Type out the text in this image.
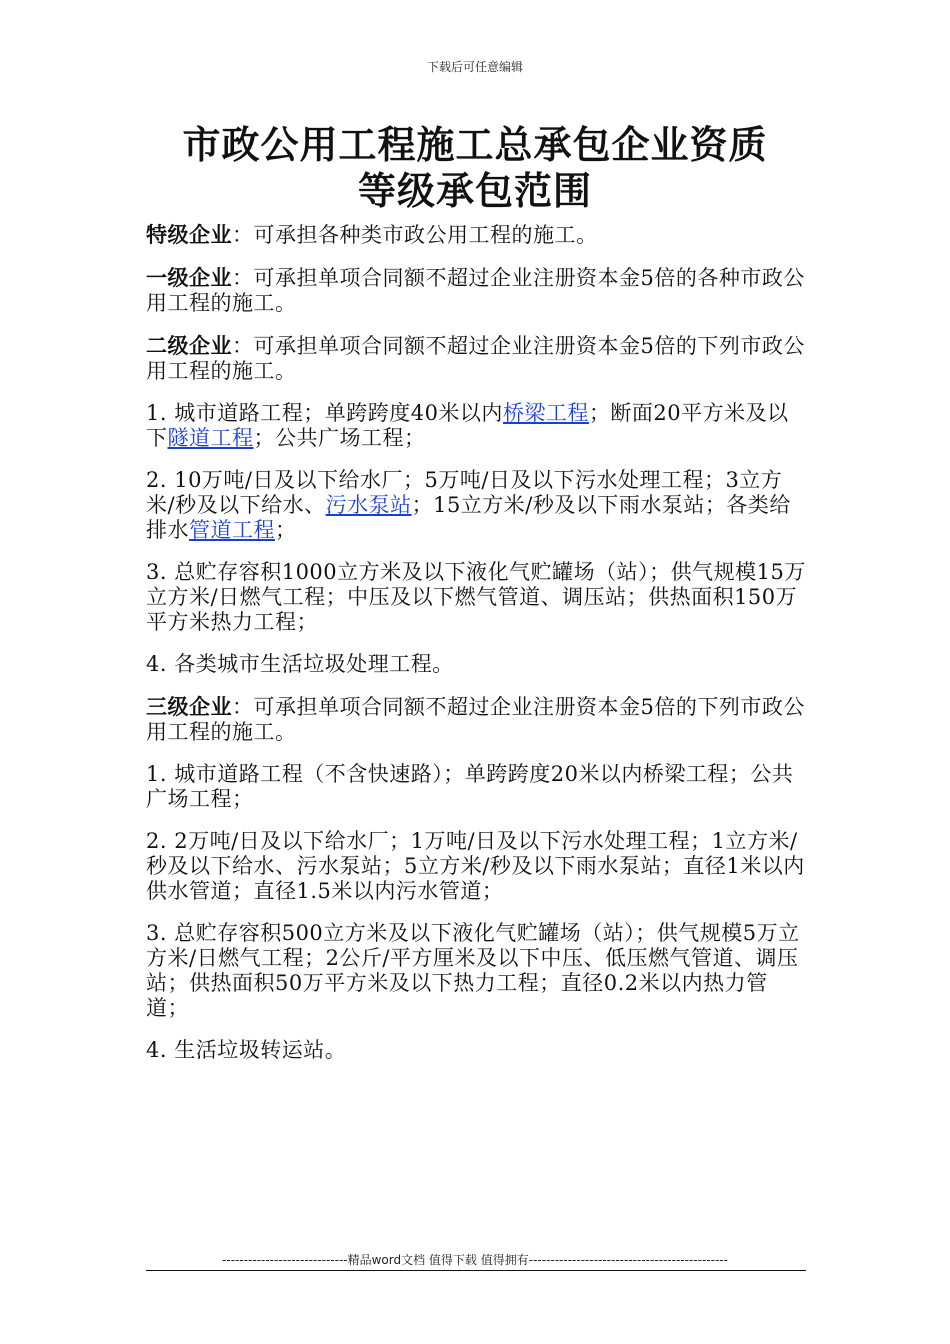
下载后可任意编辑
市政公用工程施工总承包企业资质
等级承包范围

特级企业：可承担各种类市政公用工程的施工。

一级企业：可承担单项合同额不超过企业注册资本金5倍的各种市政公用工程的施工。

二级企业：可承担单项合同额不超过企业注册资本金5倍的下列市政公用工程的施工。

1. 城市道路工程；单跨跨度40米以内桥梁工程；断面20平方米及以下隧道工程；公共广场工程；

2. 10万吨/日及以下给水厂；5万吨/日及以下污水处理工程；3立方米/秒及以下给水、污水泵站；15立方米/秒及以下雨水泵站；各类给排水管道工程；

3. 总贮存容积1000立方米及以下液化气贮罐场（站）；供气规模15万立方米/日燃气工程；中压及以下燃气管道、调压站；供热面积150万平方米热力工程；

4. 各类城市生活垃圾处理工程。

三级企业：可承担单项合同额不超过企业注册资本金5倍的下列市政公用工程的施工。

1. 城市道路工程（不含快速路）；单跨跨度20米以内桥梁工程；公共广场工程；

2. 2万吨/日及以下给水厂；1万吨/日及以下污水处理工程；1立方米/秒及以下给水、污水泵站；5立方米/秒及以下雨水泵站；直径1米以内供水管道；直径1.5米以内污水管道；

3. 总贮存容积500立方米及以下液化气贮罐场（站）；供气规模5万立方米/日燃气工程；2公斤/平方厘米及以下中压、低压燃气管道、调压站；供热面积50万平方米及以下热力工程；直径0.2米以内热力管道；

4. 生活垃圾转运站。

-----------------------------精品word文档 值得下载 值得拥有----------------------------------------------
